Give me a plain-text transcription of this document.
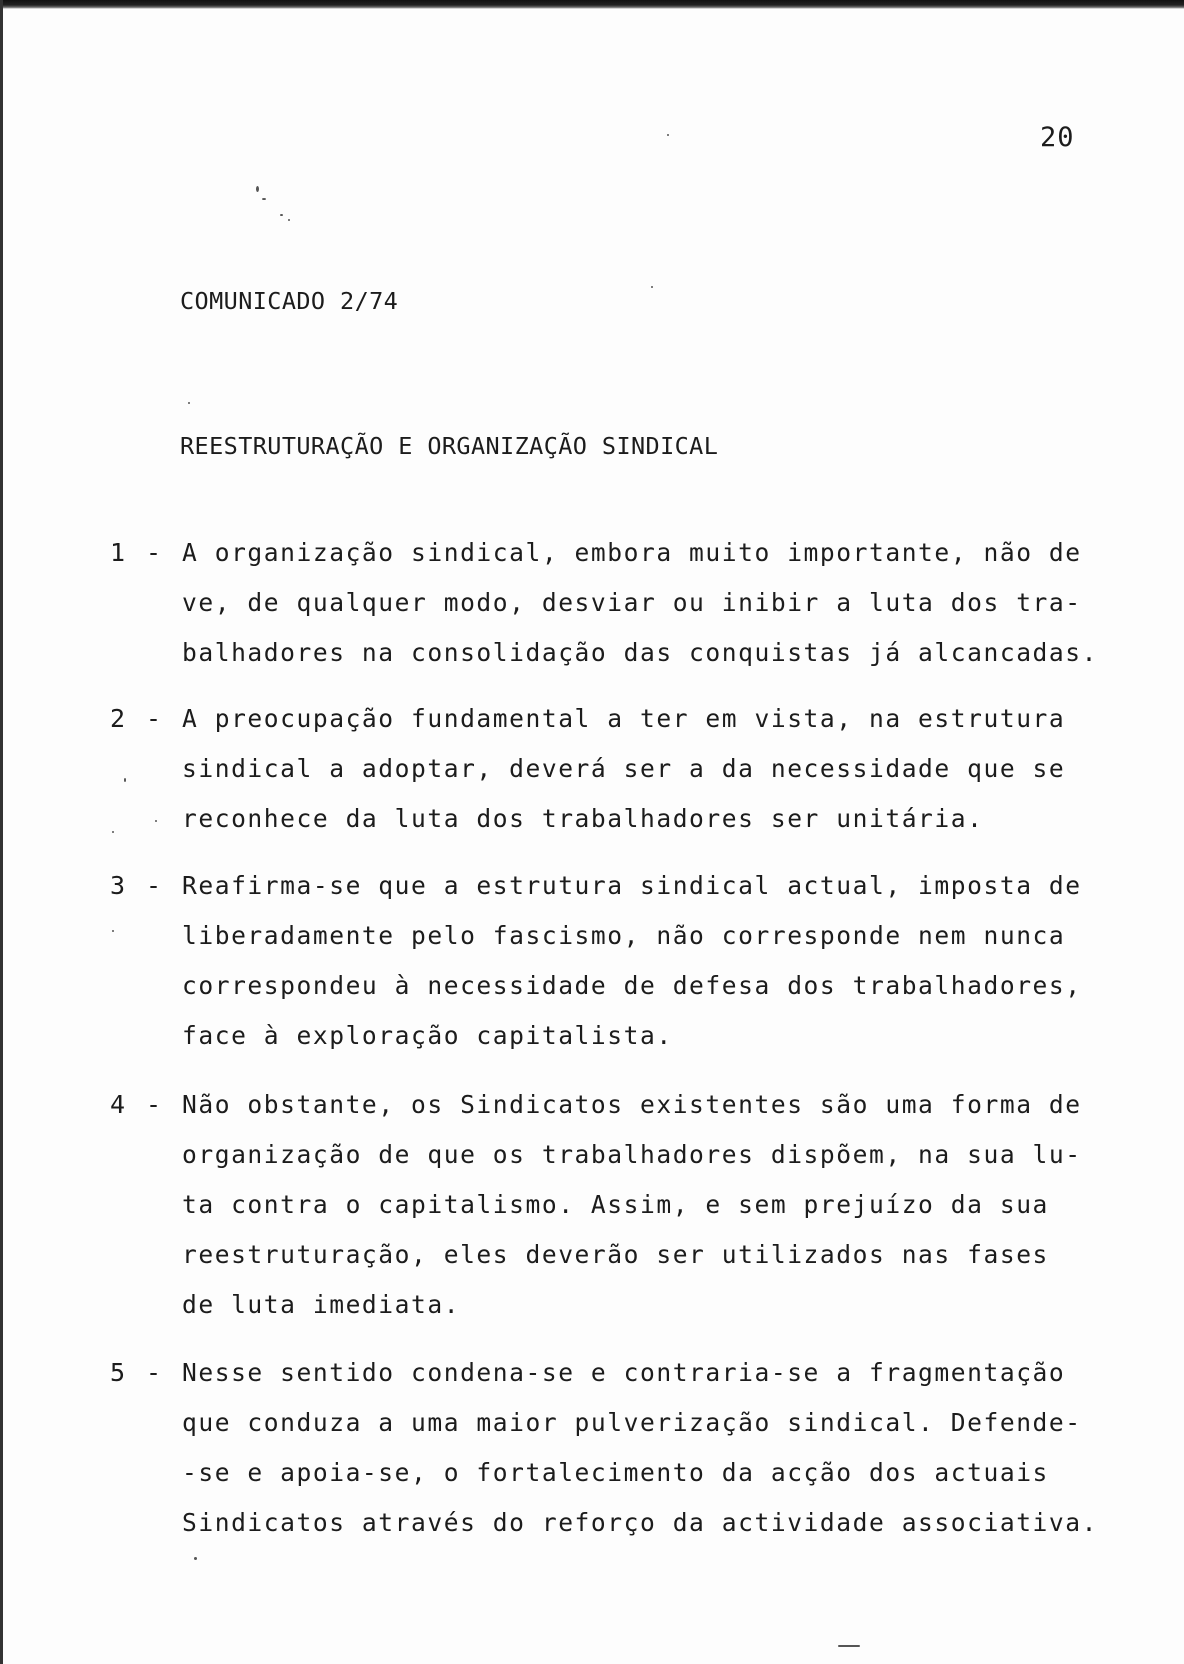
20
COMUNICADO 2/74
REESTRUTURAÇÃO E ORGANIZAÇÃO SINDICAL
1 - A organização sindical, embora muito importante, não de
ve, de qualquer modo, desviar ou inibir a luta dos tra-
balhadores na consolidação das conquistas já alcancadas.
2 - A preocupação fundamental a ter em vista, na estrutura
sindical a adoptar, deverá ser a da necessidade que se
reconhece da luta dos trabalhadores ser unitária.
3 - Reafirma-se que a estrutura sindical actual, imposta de
liberadamente pelo fascismo, não corresponde nem nunca
correspondeu à necessidade de defesa dos trabalhadores,
face à exploração capitalista.
4 - Não obstante, os Sindicatos existentes são uma forma de
organização de que os trabalhadores dispõem, na sua lu-
ta contra o capitalismo. Assim, e sem prejuízo da sua
reestruturação, eles deverão ser utilizados nas fases
de luta imediata.
5 - Nesse sentido condena-se e contraria-se a fragmentação
que conduza a uma maior pulverização sindical. Defende-
-se e apoia-se, o fortalecimento da acção dos actuais
Sindicatos através do reforço da actividade associativa.
